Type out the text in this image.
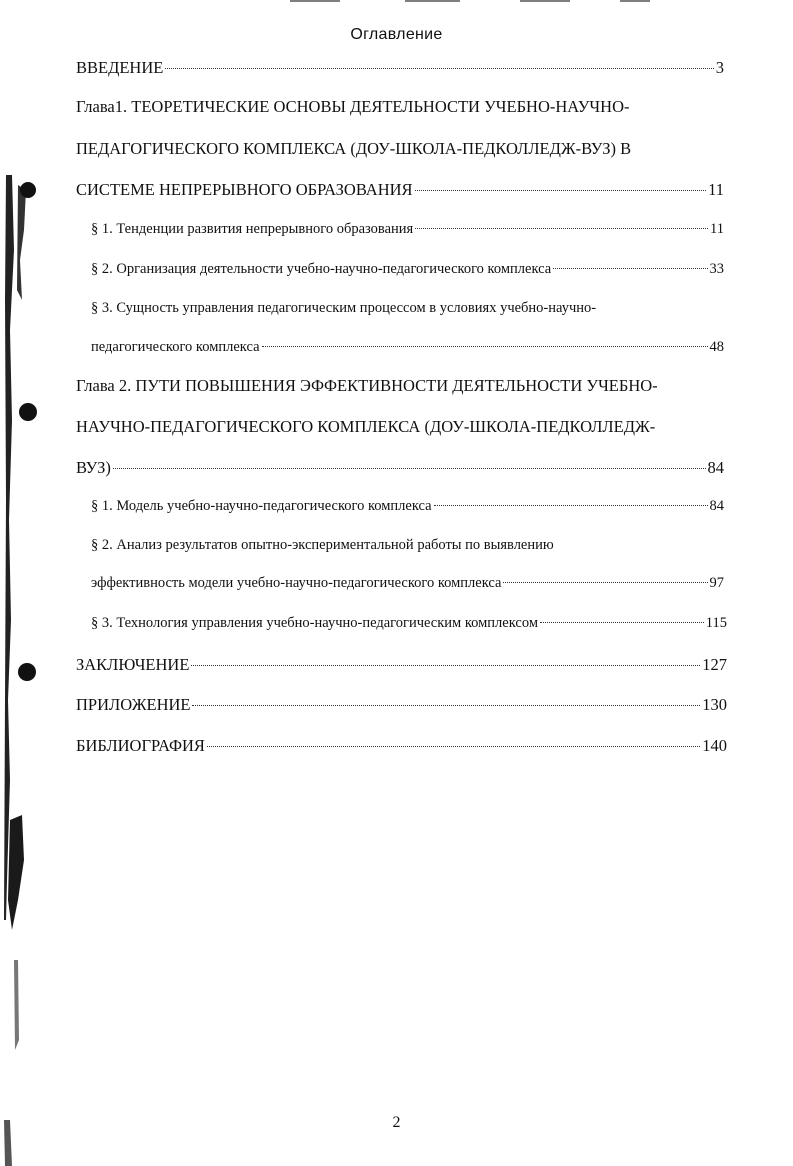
Оглавление
ВВЕДЕНИЕ	3
Глава1. ТЕОРЕТИЧЕСКИЕ ОСНОВЫ ДЕЯТЕЛЬНОСТИ УЧЕБНО-НАУЧНО-
ПЕДАГОГИЧЕСКОГО КОМПЛЕКСА (ДОУ-ШКОЛА-ПЕДКОЛЛЕДЖ-ВУЗ) В
СИСТЕМЕ НЕПРЕРЫВНОГО ОБРАЗОВАНИЯ	11
§ 1. Тенденции развития непрерывного образования	11
§ 2. Организация деятельности учебно-научно-педагогического комплекса	33
§ 3. Сущность управления педагогическим процессом в условиях учебно-научно-
педагогического комплекса	48
Глава 2. ПУТИ ПОВЫШЕНИЯ ЭФФЕКТИВНОСТИ ДЕЯТЕЛЬНОСТИ УЧЕБНО-
НАУЧНО-ПЕДАГОГИЧЕСКОГО КОМПЛЕКСА (ДОУ-ШКОЛА-ПЕДКОЛЛЕДЖ-
ВУЗ)	84
§ 1. Модель учебно-научно-педагогического комплекса	84
§ 2. Анализ результатов опытно-экспериментальной работы по выявлению
эффективность модели учебно-научно-педагогического комплекса	97
§ 3. Технология управления учебно-научно-педагогическим комплексом	115
ЗАКЛЮЧЕНИЕ	127
ПРИЛОЖЕНИЕ	130
БИБЛИОГРАФИЯ	140
2
